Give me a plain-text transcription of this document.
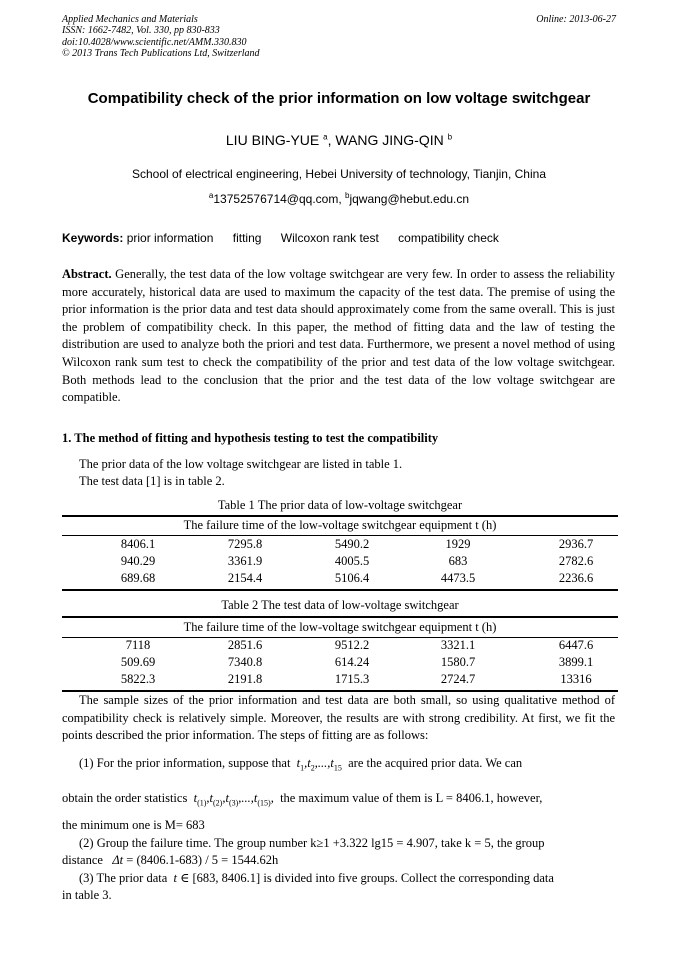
Applied Mechanics and Materials
ISSN: 1662-7482, Vol. 330, pp 830-833
doi:10.4028/www.scientific.net/AMM.330.830
© 2013 Trans Tech Publications Ltd, Switzerland
Online: 2013-06-27
Compatibility check of the prior information on low voltage switchgear
LIU BING-YUE $^a$, WANG JING-QIN $^b$
School of electrical engineering, Hebei University of technology, Tianjin, China
$^a$13752576714@qq.com, $^b$jqwang@hebut.edu.cn
Keywords: prior information fitting Wilcoxon rank test compatibility check
Abstract. Generally, the test data of the low voltage switchgear are very few. In order to assess the reliability more accurately, historical data are used to maximum the capacity of the test data. The premise of using the prior information is the prior data and test data should approximately come from the same overall. This is just the problem of compatibility check. In this paper, the method of fitting data and the law of testing the distribution are used to analyze both the priori and test data. Furthermore, we present a novel method of using Wilcoxon rank sum test to check the compatibility of the prior and test data of the low voltage switchgear. Both methods lead to the conclusion that the prior and the test data of the low voltage switchgear are compatible.
1. The method of fitting and hypothesis testing to test the compatibility
The prior data of the low voltage switchgear are listed in table 1.
The test data [1] is in table 2.
Table 1 The prior data of low-voltage switchgear
The failure time of the low-voltage switchgear equipment t (h)
8406.1	7295.8	5490.2	1929	2936.7
940.29	3361.9	4005.5	683	2782.6
689.68	2154.4	5106.4	4473.5	2236.6
Table 2 The test data of low-voltage switchgear
The failure time of the low-voltage switchgear equipment t (h)
7118	2851.6	9512.2	3321.1	6447.6
509.69	7340.8	614.24	1580.7	3899.1
5822.3	2191.8	1715.3	2724.7	13316
The sample sizes of the prior information and test data are both small, so using qualitative method of compatibility check is relatively simple. Moreover, the results are with strong credibility. At first, we fit the points described the prior information. The steps of fitting are as follows:
(1) For the prior information, suppose that  $t_1,t_2,...,t_{15}$ are the acquired prior data. We can
obtain the order statistics  $t_{(1)},t_{(2)},t_{(3)},...,t_{(15)}$,  the maximum value of them is L = 8406.1, however,
the minimum one is M= 683
(2) Group the failure time. The group number k≥1 +3.322 lg15 = 4.907, take k = 5, the group
distance   Δt = (8406.1-683) / 5 = 1544.62h
(3) The prior data  t ∈ [683, 8406.1] is divided into five groups. Collect the corresponding data
in table 3.
